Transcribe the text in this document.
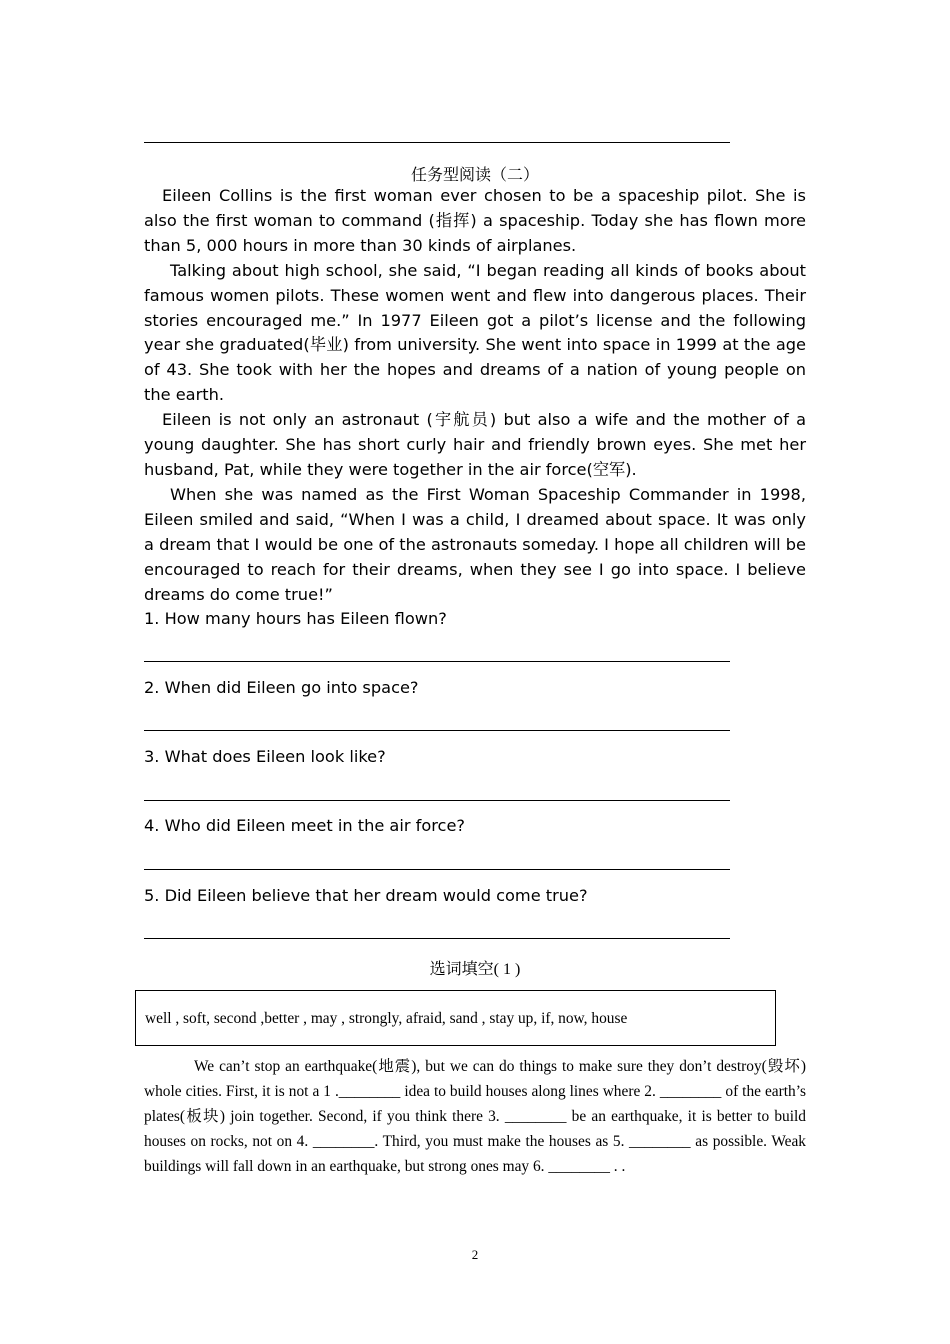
任务型阅读（二）

Eileen Collins is the first woman ever chosen to be a spaceship pilot. She is also the first woman to command (指挥) a spaceship. Today she has flown more than 5, 000 hours in more than 30 kinds of airplanes.

Talking about high school, she said, “I began reading all kinds of books about famous women pilots. These women went and flew into dangerous places. Their stories encouraged me.” In 1977 Eileen got a pilot’s license and the following year she graduated(毕业) from university. She went into space in 1999 at the age of 43. She took with her the hopes and dreams of a nation of young people on the earth.

Eileen is not only an astronaut (宇航员) but also a wife and the mother of a young daughter. She has short curly hair and friendly brown eyes. She met her husband, Pat, while they were together in the air force(空军).

When she was named as the First Woman Spaceship Commander in 1998, Eileen smiled and said, “When I was a child, I dreamed about space. It was only a dream that I would be one of the astronauts someday. I hope all children will be encouraged to reach for their dreams, when they see I go into space. I believe dreams do come true!”

1. How many hours has Eileen flown?
2. When did Eileen go into space?
3. What does Eileen look like?
4. Who did Eileen meet in the air force?
5. Did Eileen believe that her dream would come true?
选词填空( 1 )
well , soft, second ,better , may , strongly, afraid, sand , stay up, if, now, house

We can’t stop an earthquake(地震), but we can do things to make sure they don’t destroy(毁坏) whole cities. First, it is not a 1 .________ idea to build houses along lines where 2. ________ of the earth’s plates(板块) join together. Second, if you think there 3. ________ be an earthquake, it is better to build houses on rocks, not on 4. ________. Third, you must make the houses as 5. ________ as possible. Weak buildings will fall down in an earthquake, but strong ones may 6. ________ . .

2
